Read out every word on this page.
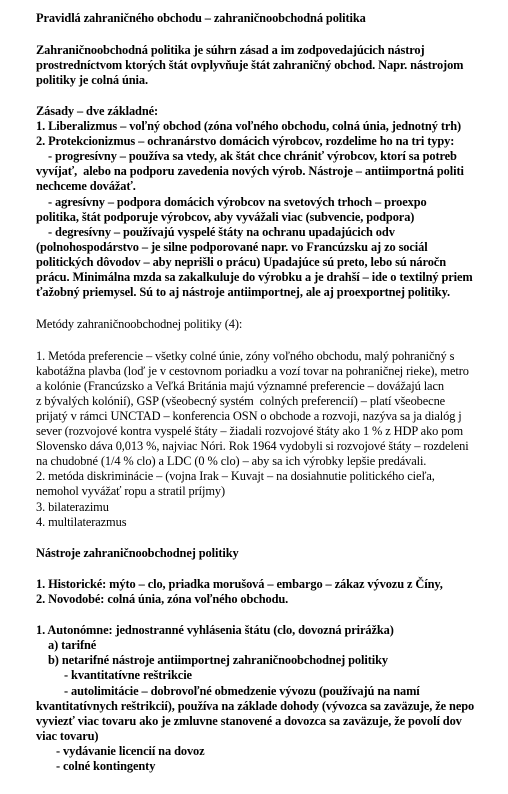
Pravidlá zahraničného obchodu – zahraničnoobchodná politika
Zahraničnoobchodná politika je súhrn zásad a im zodpovedajúcich nástroj
prostredníctvom ktorých štát ovplyvňuje štát zahraničný obchod. Napr. nástrojom
politiky je colná únia.
Zásady – dve základné:
1. Liberalizmus – voľný obchod (zóna voľného obchodu, colná únia, jednotný trh)
2. Protekcionizmus – ochranárstvo domácich výrobcov, rozdelime ho na tri typy:
- progresívny – používa sa vtedy, ak štát chce chrániť výrobcov, ktorí sa potreb
vyvíjať,  alebo na podporu zavedenia nových výrob. Nástroje – antiimportná politi
nechceme dovážať.
- agresívny – podpora domácich výrobcov na svetových trhoch – proexpo
politika, štát podporuje výrobcov, aby vyvážali viac (subvencie, podpora)
- degresívny – používajú vyspelé štáty na ochranu upadajúcich odv
(polnohospodárstvo – je silne podporované napr. vo Francúzsku aj zo sociál
politických dôvodov – aby neprišli o prácu) Upadajúce sú preto, lebo sú náročn
prácu. Minimálna mzda sa zakalkuluje do výrobku a je drahší – ide o textilný priem
ťažobný priemysel. Sú to aj nástroje antiimportnej, ale aj proexportnej politiky.
Metódy zahraničnoobchodnej politiky (4):
1. Metóda preferencie – všetky colné únie, zóny voľného obchodu, malý pohraničný s
kabotážna plavba (loď je v cestovnom poriadku a vozí tovar na pohraničnej rieke), metro
a kolónie (Francúzsko a Veľká Británia majú významné preferencie – dovážajú lacn
z bývalých kolónií), GSP (všeobecný systém  colných preferencií) – platí všeobecne
prijatý v rámci UNCTAD – konferencia OSN o obchode a rozvoji, nazýva sa ja dialóg j
sever (rozvojové kontra vyspelé štáty – žiadali rozvojové štáty ako 1 % z HDP ako pom
Slovensko dáva 0,013 %, najviac Nóri. Rok 1964 vydobyli si rozvojové štáty – rozdeleni
na chudobné (1/4 % clo) a LDC (0 % clo) – aby sa ich výrobky lepšie predávali.
2. metóda diskriminácie – (vojna Irak – Kuvajt – na dosiahnutie politického cieľa,
nemohol vyvážať ropu a stratil príjmy)
3. bilaterazimu
4. multilaterazmus
Nástroje zahraničnoobchodnej politiky
1. Historické: mýto – clo, priadka morušová – embargo – zákaz vývozu z Číny,
2. Novodobé: colná únia, zóna voľného obchodu.
1. Autonómne: jednostranné vyhlásenia štátu (clo, dovozná prirážka)
a) tarifné
b) netarifné nástroje antiimportnej zahraničnoobchodnej politiky
- kvantitatívne reštrikcie
- autolimitácie – dobrovoľné obmedzenie vývozu (používajú na namí
kvantitatívnych reštrikcií), používa na základe dohody (vývozca sa zaväzuje, že nepo
vyviezť viac tovaru ako je zmluvne stanovené a dovozca sa zaväzuje, že povolí dov
viac tovaru)
- vydávanie licencií na dovoz
- colné kontingenty
